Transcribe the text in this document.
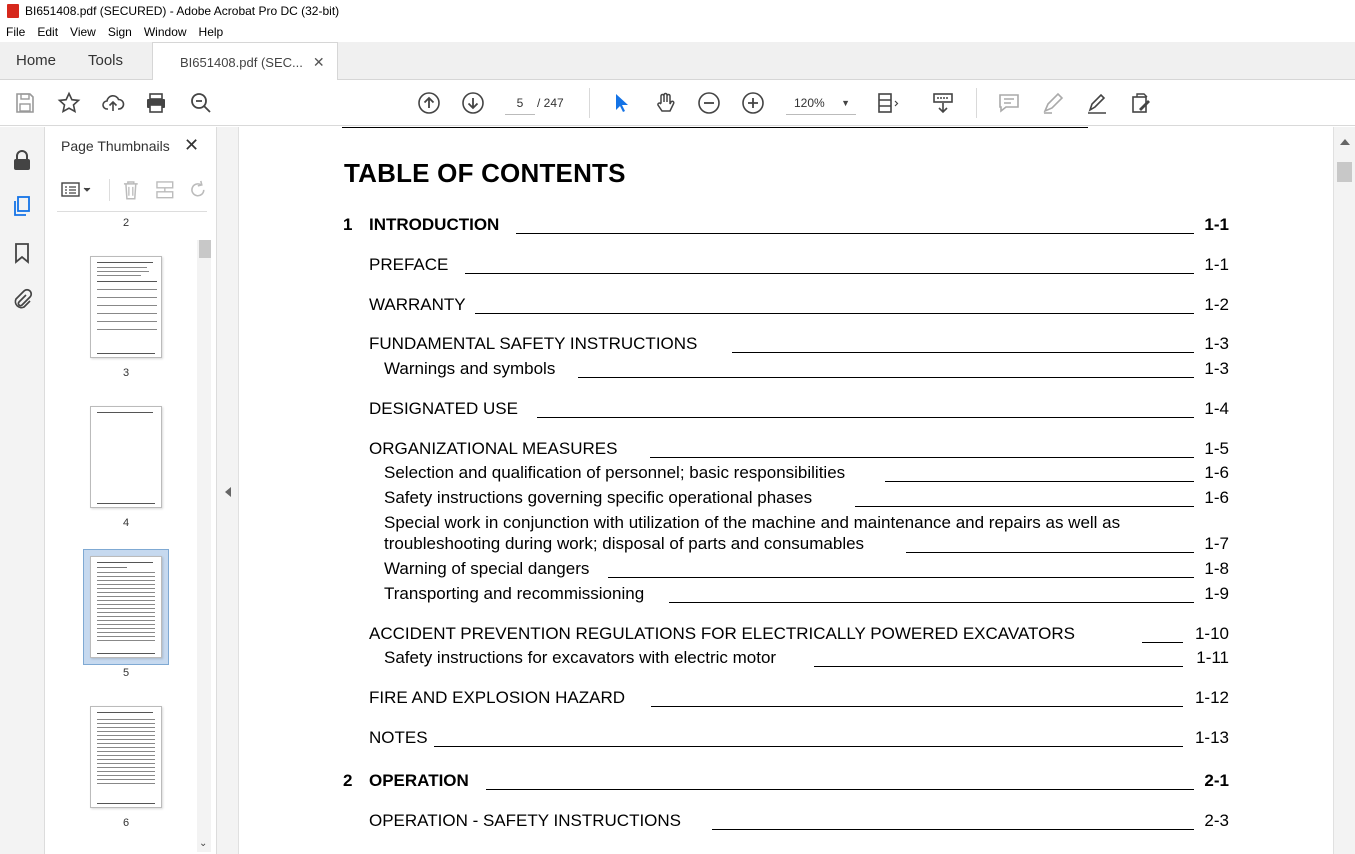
BI651408.pdf (SECURED) - Adobe Acrobat Pro DC (32-bit)
File Edit View Sign Window Help
Home Tools	BI651408.pdf (SEC... ✕
5	/ 247	120% ▼
Page Thumbnails ✕
2
3
4
5
6
⌄
TABLE OF CONTENTS
1 INTRODUCTION	1-1
PREFACE	1-1
WARRANTY	1-2
FUNDAMENTAL SAFETY INSTRUCTIONS	1-3
Warnings and symbols	1-3
DESIGNATED USE	1-4
ORGANIZATIONAL MEASURES	1-5
Selection and qualification of personnel; basic responsibilities	1-6
Safety instructions governing specific operational phases	1-6
Special work in conjunction with utilization of the machine and maintenance and repairs as well as
troubleshooting during work; disposal of parts and consumables	1-7
Warning of special dangers	1-8
Transporting and recommissioning	1-9
ACCIDENT PREVENTION REGULATIONS FOR ELECTRICALLY POWERED EXCAVATORS	1-10
Safety instructions for excavators with electric motor	1-11
FIRE AND EXPLOSION HAZARD	1-12
NOTES	1-13
2 OPERATION	2-1
OPERATION - SAFETY INSTRUCTIONS	2-3
